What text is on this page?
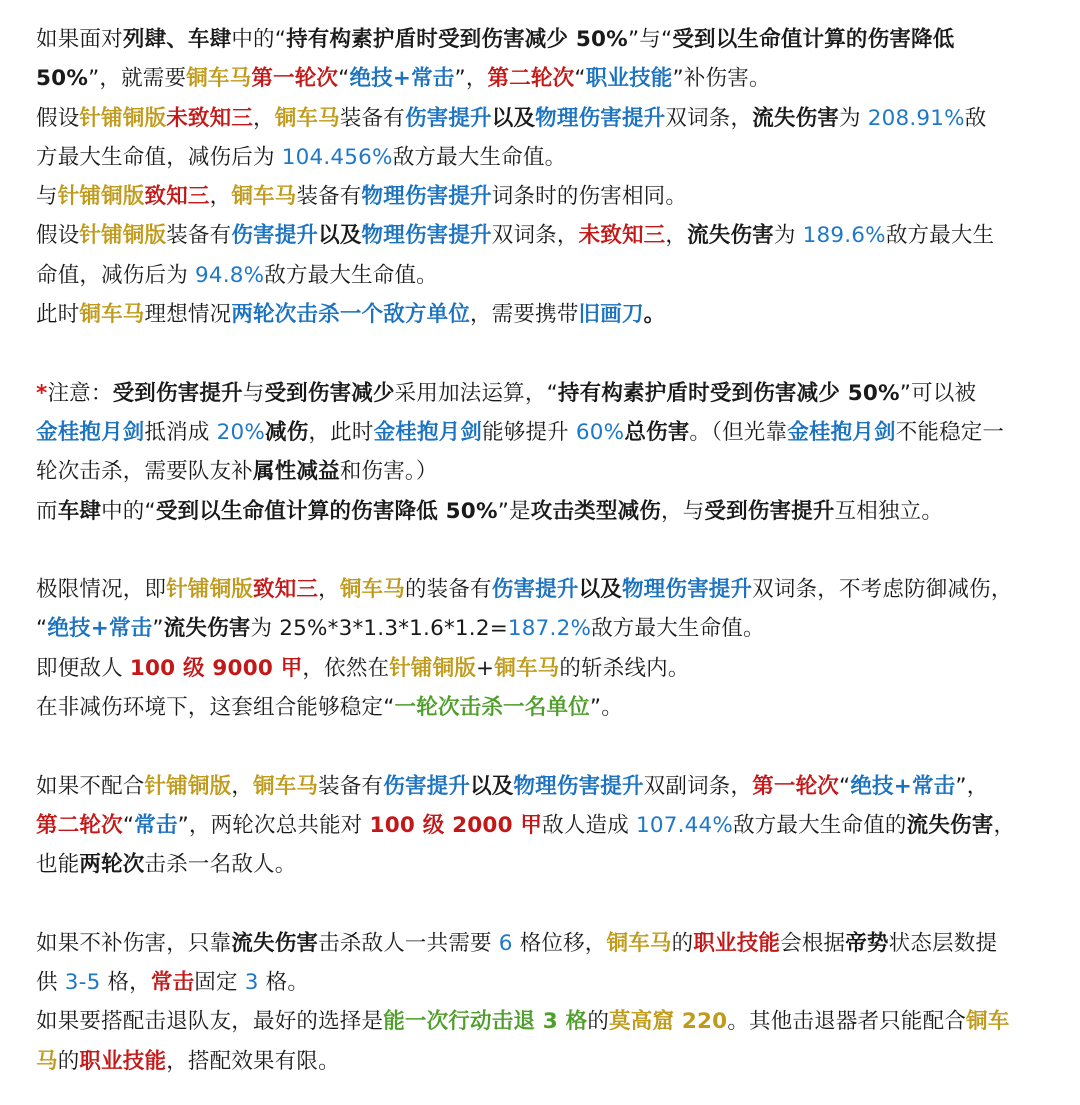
如果面对列肆、车肆中的“持有构素护盾时受到伤害减少 50%”与“受到以生命值计算的伤害降低
50%”，就需要铜车马第一轮次“绝技+常击”，第二轮次“职业技能”补伤害。
假设针铺铜版未致知三，铜车马装备有伤害提升以及物理伤害提升双词条，流失伤害为 208.91%敌
方最大生命值，减伤后为 104.456%敌方最大生命值。
与针铺铜版致知三，铜车马装备有物理伤害提升词条时的伤害相同。
假设针铺铜版装备有伤害提升以及物理伤害提升双词条，未致知三，流失伤害为 189.6%敌方最大生
命值，减伤后为 94.8%敌方最大生命值。
此时铜车马理想情况两轮次击杀一个敌方单位，需要携带旧画刀。
*注意：受到伤害提升与受到伤害减少采用加法运算，“持有构素护盾时受到伤害减少 50%”可以被
金桂抱月剑抵消成 20%减伤，此时金桂抱月剑能够提升 60%总伤害。（但光靠金桂抱月剑不能稳定一
轮次击杀，需要队友补属性减益和伤害。）
而车肆中的“受到以生命值计算的伤害降低 50%”是攻击类型减伤，与受到伤害提升互相独立。
极限情况，即针铺铜版致知三，铜车马的装备有伤害提升以及物理伤害提升双词条，不考虑防御减伤，
“绝技+常击”流失伤害为 25%*3*1.3*1.6*1.2=187.2%敌方最大生命值。
即便敌人 100 级 9000 甲，依然在针铺铜版+铜车马的斩杀线内。
在非减伤环境下，这套组合能够稳定“一轮次击杀一名单位”。
如果不配合针铺铜版，铜车马装备有伤害提升以及物理伤害提升双副词条，第一轮次“绝技+常击”，
第二轮次“常击”，两轮次总共能对 100 级 2000 甲敌人造成 107.44%敌方最大生命值的流失伤害，
也能两轮次击杀一名敌人。
如果不补伤害，只靠流失伤害击杀敌人一共需要 6 格位移，铜车马的职业技能会根据帝势状态层数提
供 3-5 格，常击固定 3 格。
如果要搭配击退队友，最好的选择是能一次行动击退 3 格的莫高窟 220。其他击退器者只能配合铜车
马的职业技能，搭配效果有限。
